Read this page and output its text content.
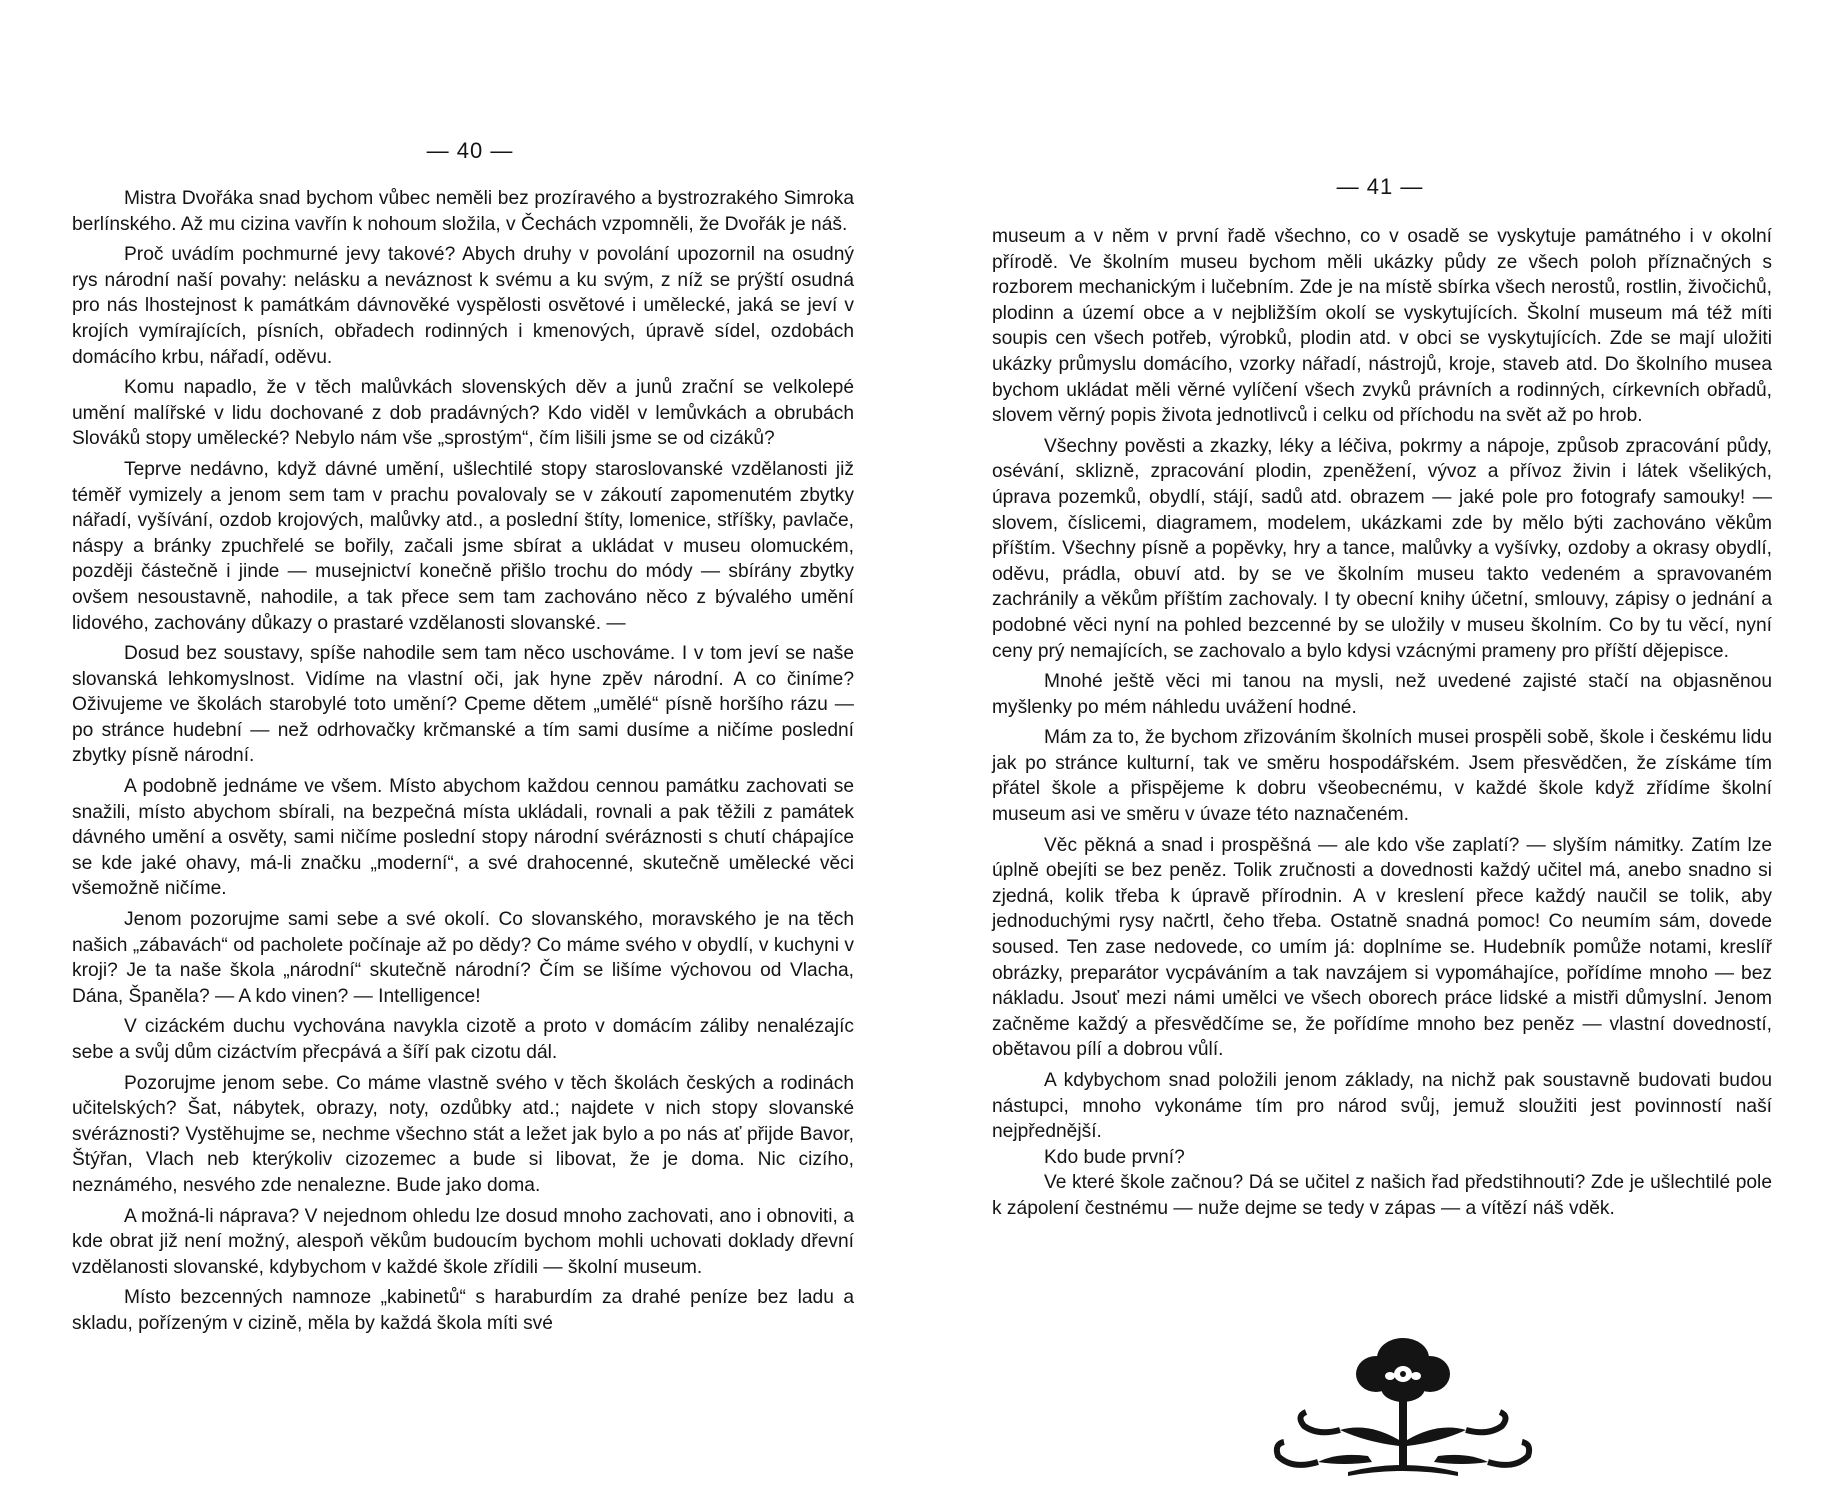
— 40 —

Mistra Dvořáka snad bychom vůbec neměli bez prozíravého a bystrozrakého Simroka berlínského. Až mu cizina vavřín k nohoum složila, v Čechách vzpomněli, že Dvořák je náš.

Proč uvádím pochmurné jevy takové? Abych druhy v povolání upozornil na osudný rys národní naší povahy: nelásku a neváznost k svému a ku svým, z níž se prýští osudná pro nás lhostejnost k památkám dávnověké vyspělosti osvětové i umělecké, jaká se jeví v krojích vymírajících, písních, obřadech rodinných i kmenových, úpravě sídel, ozdobách domácího krbu, nářadí, oděvu.

Komu napadlo, že v těch malůvkách slovenských děv a junů zrační se velkolepé umění malířské v lidu dochované z dob pradávných? Kdo viděl v lemůvkách a obrubách Slováků stopy umělecké? Nebylo nám vše „sprostým“, čím lišili jsme se od cizáků?

Teprve nedávno, když dávné umění, ušlechtilé stopy staroslovanské vzdělanosti již téměř vymizely a jenom sem tam v prachu povalovaly se v zákoutí zapomenutém zbytky nářadí, vyšívání, ozdob krojových, malůvky atd., a poslední štíty, lomenice, stříšky, pavlače, náspy a bránky zpuchřelé se bořily, začali jsme sbírat a ukládat v museu olomuckém, později částečně i jinde — musejnictví konečně přišlo trochu do módy — sbírány zbytky ovšem nesoustavně, nahodile, a tak přece sem tam zachováno něco z bývalého umění lidového, zachovány důkazy o prastaré vzdělanosti slovanské. —

Dosud bez soustavy, spíše nahodile sem tam něco uschováme. I v tom jeví se naše slovanská lehkomyslnost. Vidíme na vlastní oči, jak hyne zpěv národní. A co činíme? Oživujeme ve školách starobylé toto umění? Cpeme dětem „umělé“ písně horšího rázu — po stránce hudební — než odrhovačky krčmanské a tím sami dusíme a ničíme poslední zbytky písně národní.

A podobně jednáme ve všem. Místo abychom každou cennou památku zachovati se snažili, místo abychom sbírali, na bezpečná místa ukládali, rovnali a pak těžili z památek dávného umění a osvěty, sami ničíme poslední stopy národní svéráznosti s chutí chápajíce se kde jaké ohavy, má-li značku „moderní“, a své drahocenné, skutečně umělecké věci všemožně ničíme.

Jenom pozorujme sami sebe a své okolí. Co slovanského, moravského je na těch našich „zábavách“ od pacholete počínaje až po dědy? Co máme svého v obydlí, v kuchyni v kroji? Je ta naše škola „národní“ skutečně národní? Čím se lišíme výchovou od Vlacha, Dána, Španěla? — A kdo vinen? — Intelligence!

V cizáckém duchu vychována navykla cizotě a proto v domácím záliby nenalézajíc sebe a svůj dům cizáctvím přecpává a šíří pak cizotu dál.

Pozorujme jenom sebe. Co máme vlastně svého v těch školách českých a rodinách učitelských? Šat, nábytek, obrazy, noty, ozdůbky atd.; najdete v nich stopy slovanské svéráznosti? Vystěhujme se, nechme všechno stát a ležet jak bylo a po nás ať přijde Bavor, Štýřan, Vlach neb kterýkoliv cizozemec a bude si libovat, že je doma. Nic cizího, neznámého, nesvého zde nenalezne. Bude jako doma.

A možná-li náprava? V nejednom ohledu lze dosud mnoho zachovati, ano i obnoviti, a kde obrat již není možný, alespoň věkům budoucím bychom mohli uchovati doklady dřevní vzdělanosti slovanské, kdybychom v každé škole zřídili — školní museum.

Místo bezcenných namnoze „kabinetů“ s haraburdím za drahé peníze bez ladu a skladu, pořízeným v cizině, měla by každá škola míti své

— 41 —

museum a v něm v první řadě všechno, co v osadě se vyskytuje památného i v okolní přírodě. Ve školním museu bychom měli ukázky půdy ze všech poloh příznačných s rozborem mechanickým i lučebním. Zde je na místě sbírka všech nerostů, rostlin, živočichů, plodinn a území obce a v nejbližším okolí se vyskytujících. Školní museum má též míti soupis cen všech potřeb, výrobků, plodin atd. v obci se vyskytujících. Zde se mají uložiti ukázky průmyslu domácího, vzorky nářadí, nástrojů, kroje, staveb atd. Do školního musea bychom ukládat měli věrné vylíčení všech zvyků právních a rodinných, církevních obřadů, slovem věrný popis života jednotlivců i celku od příchodu na svět až po hrob.

Všechny pověsti a zkazky, léky a léčiva, pokrmy a nápoje, způsob zpracování půdy, osévání, sklizně, zpracování plodin, zpeněžení, vývoz a přívoz živin i látek všelikých, úprava pozemků, obydlí, stájí, sadů atd. obrazem — jaké pole pro fotografy samouky! — slovem, číslicemi, diagramem, modelem, ukázkami zde by mělo býti zachováno věkům příštím. Všechny písně a popěvky, hry a tance, malůvky a vyšívky, ozdoby a okrasy obydlí, oděvu, prádla, obuví atd. by se ve školním museu takto vedeném a spravovaném zachránily a věkům příštím zachovaly. I ty obecní knihy účetní, smlouvy, zápisy o jednání a podobné věci nyní na pohled bezcenné by se uložily v museu školním. Co by tu věcí, nyní ceny prý nemajících, se zachovalo a bylo kdysi vzácnými prameny pro příští dějepisce.

Mnohé ještě věci mi tanou na mysli, než uvedené zajisté stačí na objasněnou myšlenky po mém náhledu uvážení hodné.

Mám za to, že bychom zřizováním školních musei prospěli sobě, škole i českému lidu jak po stránce kulturní, tak ve směru hospodářském. Jsem přesvědčen, že získáme tím přátel škole a přispějeme k dobru všeobecnému, v každé škole když zřídíme školní museum asi ve směru v úvaze této naznačeném.

Věc pěkná a snad i prospěšná — ale kdo vše zaplatí? — slyším námitky. Zatím lze úplně obejíti se bez peněz. Tolik zručnosti a dovednosti každý učitel má, anebo snadno si zjedná, kolik třeba k úpravě přírodnin. A v kreslení přece každý naučil se tolik, aby jednoduchými rysy načrtl, čeho třeba. Ostatně snadná pomoc! Co neumím sám, dovede soused. Ten zase nedovede, co umím já: doplníme se. Hudebník pomůže notami, kreslíř obrázky, preparátor vycpáváním a tak navzájem si vypomáhajíce, pořídíme mnoho — bez nákladu. Jsouť mezi námi umělci ve všech oborech práce lidské a mistři důmyslní. Jenom začněme každý a přesvědčíme se, že pořídíme mnoho bez peněz — vlastní dovedností, obětavou pílí a dobrou vůlí.

A kdybychom snad položili jenom základy, na nichž pak soustavně budovati budou nástupci, mnoho vykonáme tím pro národ svůj, jemuž sloužiti jest povinností naší nejpřednější.

Kdo bude první?

Ve které škole začnou? Dá se učitel z našich řad předstihnouti? Zde je ušlechtilé pole k zápolení čestnému — nuže dejme se tedy v zápas — a vítězí náš vděk.
